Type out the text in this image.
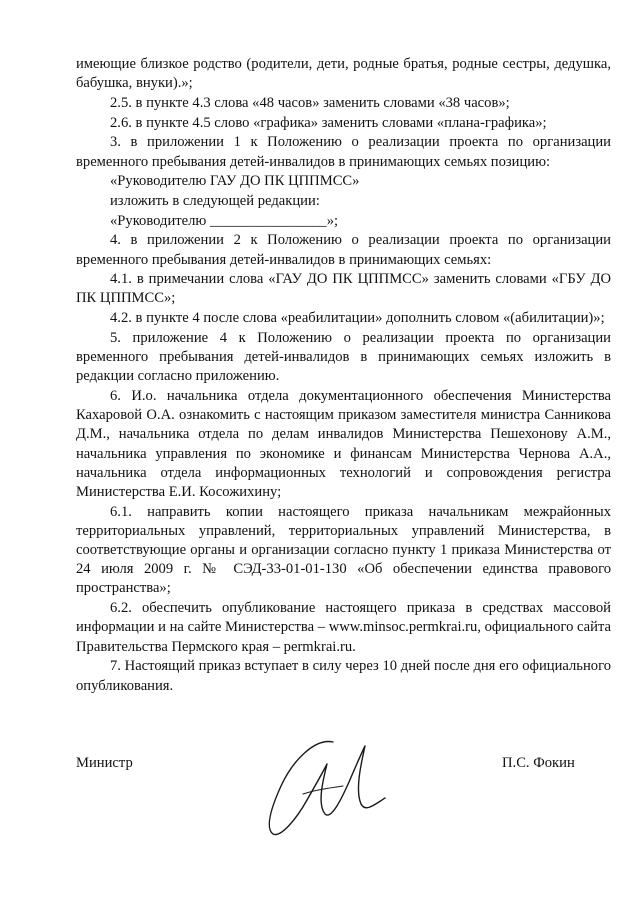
имеющие близкое родство (родители, дети, родные братья, родные сестры, дедушка, бабушка, внуки).»;

2.5. в пункте 4.3 слова «48 часов» заменить словами «38 часов»;

2.6. в пункте 4.5 слово «графика» заменить словами «плана-графика»;

3. в приложении 1 к Положению о реализации проекта по организации временного пребывания детей-инвалидов в принимающих семьях позицию:

«Руководителю ГАУ ДО ПК ЦППМСС»

изложить в следующей редакции:

«Руководителю ________________»;

4. в приложении 2 к Положению о реализации проекта по организации временного пребывания детей-инвалидов в принимающих семьях:

4.1. в примечании слова «ГАУ ДО ПК ЦППМСС» заменить словами «ГБУ ДО ПК ЦППМСС»;

4.2. в пункте 4 после слова «реабилитации» дополнить словом «(абилитации)»;

5. приложение 4 к Положению о реализации проекта по организации временного пребывания детей-инвалидов в принимающих семьях изложить в редакции согласно приложению.

6. И.о. начальника отдела документационного обеспечения Министерства Кахаровой О.А. ознакомить с настоящим приказом заместителя министра Санникова Д.М., начальника отдела по делам инвалидов Министерства Пешехонову А.М., начальника управления по экономике и финансам Министерства Чернова А.А., начальника отдела информационных технологий и сопровождения регистра Министерства Е.И. Косожихину;

6.1. направить копии настоящего приказа начальникам межрайонных территориальных управлений, территориальных управлений Министерства, в соответствующие органы и организации согласно пункту 1 приказа Министерства от 24 июля 2009 г. № СЭД-33-01-01-130 «Об обеспечении единства правового пространства»;

6.2. обеспечить опубликование настоящего приказа в средствах массовой информации и на сайте Министерства – www.minsoc.permkrai.ru, официального сайта Правительства Пермского края – permkrai.ru.

7. Настоящий приказ вступает в силу через 10 дней после дня его официального опубликования.

Министр	П.С. Фокин
